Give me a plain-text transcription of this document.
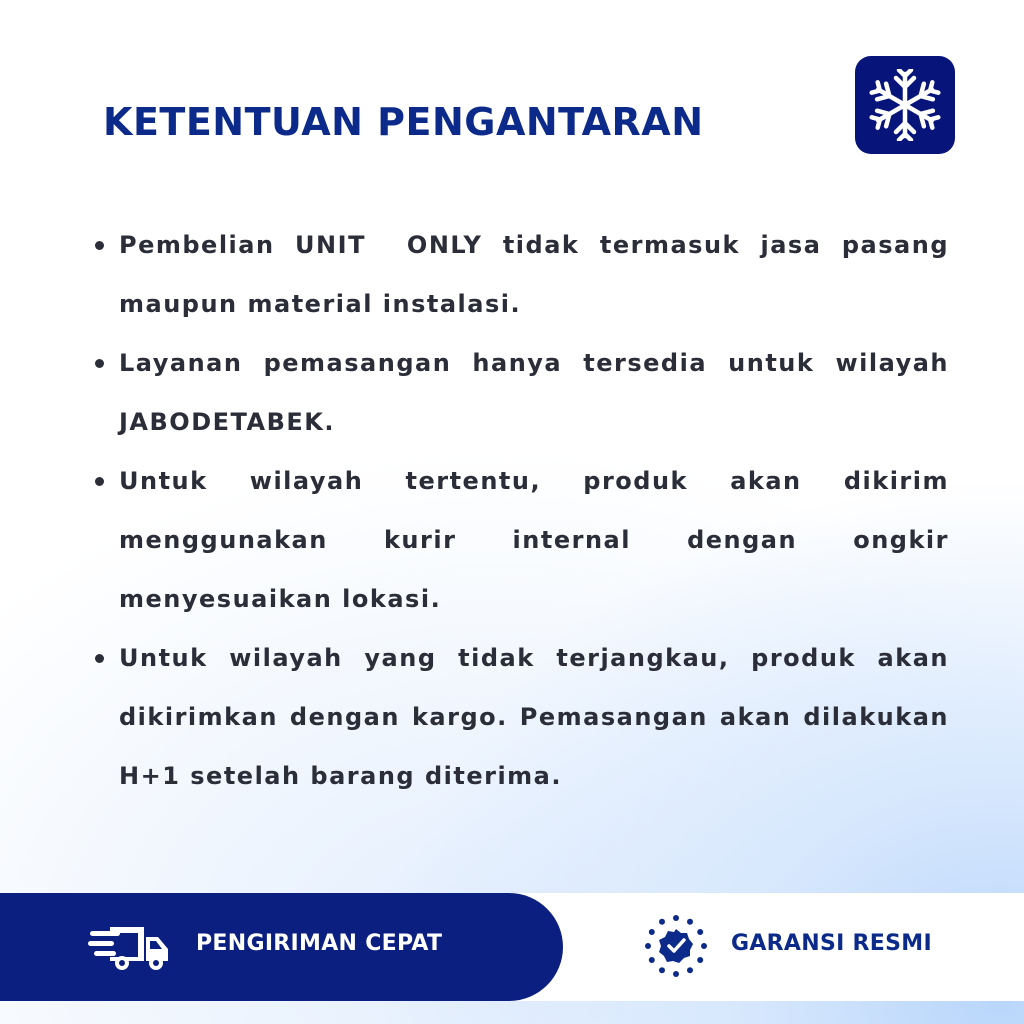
KETENTUAN PENGANTARAN
Pembelian UNIT  ONLY tidak termasuk jasa pasang maupun material instalasi.
Layanan pemasangan hanya tersedia untuk wilayah JABODETABEK.
Untuk wilayah tertentu, produk akan dikirim menggunakan kurir internal dengan ongkir menyesuaikan lokasi.
Untuk wilayah yang tidak terjangkau, produk akan dikirimkan dengan kargo. Pemasangan akan dilakukan H+1 setelah barang diterima.
PENGIRIMAN CEPAT	GARANSI RESMI
